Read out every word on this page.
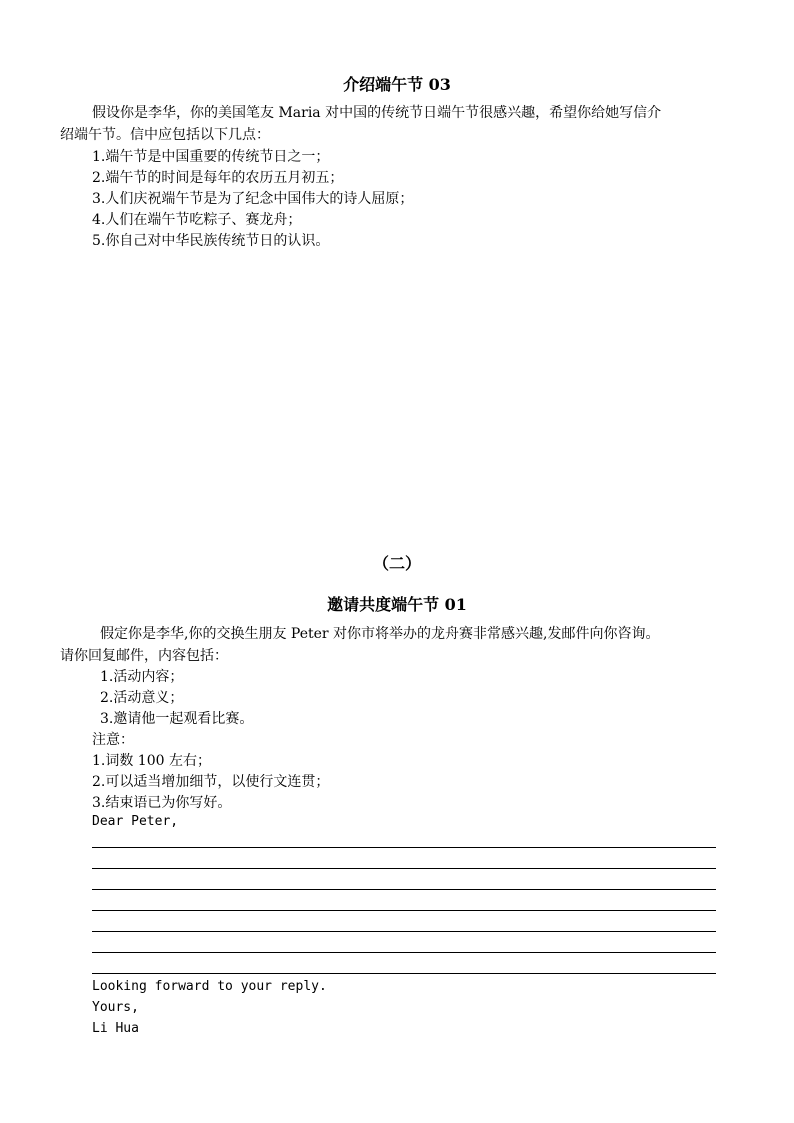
介绍端午节 03
假设你是李华，你的美国笔友 Maria 对中国的传统节日端午节很感兴趣，希望你给她写信介
绍端午节。信中应包括以下几点：
1.端午节是中国重要的传统节日之一；
2.端午节的时间是每年的农历五月初五；
3.人们庆祝端午节是为了纪念中国伟大的诗人屈原；
4.人们在端午节吃粽子、赛龙舟；
5.你自己对中华民族传统节日的认识。
（二）
邀请共度端午节 01
假定你是李华,你的交换生朋友 Peter 对你市将举办的龙舟赛非常感兴趣,发邮件向你咨询。
请你回复邮件，内容包括：
1.活动内容；
2.活动意义；
3.邀请他一起观看比赛。
注意：
1.词数 100 左右；
2.可以适当增加细节，以使行文连贯；
3.结束语已为你写好。
Dear Peter,
Looking forward to your reply.
Yours,
Li Hua
